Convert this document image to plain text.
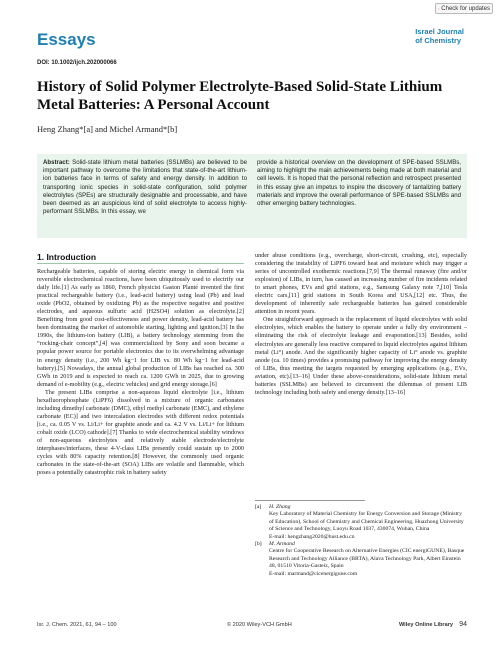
Check for updates
Essays	Israel Journal
of Chemistry
DOI: 10.1002/ijch.202000066
History of Solid Polymer Electrolyte-Based Solid-State Lithium Metal Batteries: A Personal Account
Heng Zhang*[a] and Michel Armand*[b]
Abstract: Solid-state lithium metal batteries (SSLMBs) are believed to be important pathway to overcome the limitations that state-of-the-art lithium-ion batteries face in terms of safety and energy density. In addition to transporting ionic species in solid-state configuration, solid polymer electrolytes (SPEs) are structurally designable and processable, and have been deemed as an auspicious kind of solid electrolyte to access highly-performant SSLMBs. In this essay, we
provide a historical overview on the development of SPE-based SSLMBs, aiming to highlight the main achievements being made at both material and cell levels. It is hoped that the personal reflection and retrospect presented in this essay give an impetus to inspire the discovery of tantalizing battery materials and improve the overall performance of SPE-based SSLMBs and other emerging battery technologies.
1. Introduction

Rechargeable batteries, capable of storing electric energy in chemical form via reversible electrochemical reactions, have been ubiquitously used to electrify our daily life.[1] As early as 1860, French physicist Gaston Planté invented the first practical rechargeable battery (i.e., lead-acid battery) using lead (Pb) and lead oxide (PbO2, obtained by oxidizing Pb) as the respective negative and positive electrodes, and aqueous sulfuric acid (H2SO4) solution as electrolyte.[2] Benefiting from good cost-effectiveness and power density, lead-acid battery has been dominating the market of automobile starting, lighting and ignition.[3] In the 1990s, the lithium-ion battery (LIB), a battery technology stemming from the “rocking-chair concept”,[4] was commercialized by Sony and soon became a popular power source for portable electronics due to its overwhelming advantage in energy density (i.e., 200 Wh kg−1 for LIB vs. 80 Wh kg−1 for lead-acid battery).[5] Nowadays, the annual global production of LIBs has reached ca. 300 GWh in 2019 and is expected to reach ca. 1200 GWh in 2025, due to growing demand of e-mobility (e.g., electric vehicles) and grid energy storage.[6]

The present LIBs comprise a non-aqueous liquid electrolyte [i.e., lithium hexafluorophosphate (LiPF6) dissolved in a mixture of organic carbonates including dimethyl carbonate (DMC), ethyl methyl carbonate (EMC), and ethylene carbonate (EC)] and two intercalation electrodes with different redox potentials [i.e., ca. 0.05 V vs. Li/Li+ for graphite anode and ca. 4.2 V vs. Li/Li+ for lithium cobalt oxide (LCO) cathode].[7] Thanks to wide electrochemical stability windows of non-aqueous electrolytes and relatively stable electrode/electrolyte interphases/interfaces, these 4-V-class LIBs presently could sustain up to 2000 cycles with 80% capacity retention.[8] However, the commonly used organic carbonates in the state-of-the-art (SOA) LIBs are volatile and flammable, which poses a potentially catastrophic risk in battery safety

under abuse conditions (e.g., overcharge, short-circuit, crushing, etc), especially considering the instability of LiPF6 toward heat and moisture which may trigger a series of uncontrolled exothermic reactions.[7,9] The thermal runaway (fire and/or explosion) of LIBs, in turn, has caused an increasing number of fire incidents related to smart phones, EVs and grid stations, e.g., Samsung Galaxy note 7,[10] Tesla electric cars,[11] grid stations in South Korea and USA,[12] etc. Thus, the development of inherently safe rechargeable batteries has gained considerable attention in recent years.

One straightforward approach is the replacement of liquid electrolytes with solid electrolytes, which enables the battery to operate under a fully dry environment – eliminating the risk of electrolyte leakage and evaporation.[13] Besides, solid electrolytes are generally less reactive compared to liquid electrolytes against lithium metal (Li°) anode. And the significantly higher capacity of Li° anode vs. graphite anode (ca. 10 times) provides a promising pathway for improving the energy density of LIBs, thus meeting the targets requested by emerging applications (e.g., EVs, aviation, etc).[13–16] Under these above-considerations, solid-state lithium metal batteries (SSLMBs) are believed to circumvent the dilemmas of present LIB technology including both safety and energy density.[13–16]

[a]	H. Zhang
Key Laboratory of Material Chemistry for Energy Conversion and Storage (Ministry of Education), School of Chemistry and Chemical Engineering, Huazhong University of Science and Technology, Luoyu Road 1037, 430074, Wuhan, China
E-mail: hengzhang2020@hust.edu.cn
[b]	M. Armand
Centre for Cooperative Research on Alternative Energies (CIC energiGUNE), Basque Research and Technology Alliance (BRTA), Alava Technology Park, Albert Einstein 48, 01510 Vitoria-Gasteiz, Spain
E-mail: marmand@cicenergigune.com
Isr. J. Chem. 2021, 61, 94 – 100	© 2020 Wiley-VCH GmbH	Wiley Online Library 94
